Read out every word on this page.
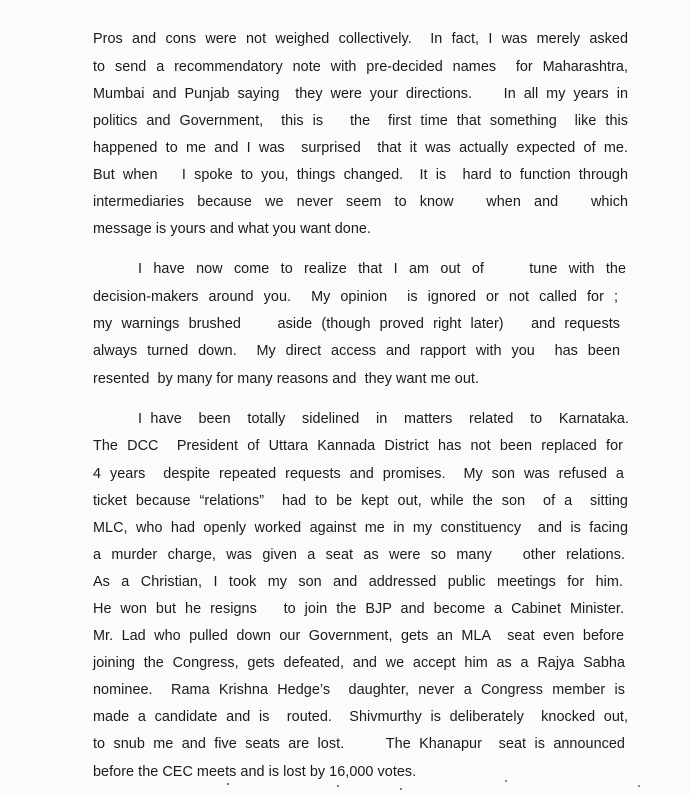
Pros and cons were not weighed collectively.  In fact, I was merely asked
to send a recommendatory note with pre-decided names  for Maharashtra,
Mumbai and Punjab saying  they were your directions.    In all my years in
politics and Government,  this is   the  first time that something  like this
happened to me and I was  surprised  that it was actually expected of me.
But when   I spoke to you, things changed.  It is  hard to function through
intermediaries  because  we  never  seem  to  know     when  and     which
message is yours and what you want done.
I have now come to realize that I am out of    tune with the
decision-makers around you.  My opinion  is ignored or not called for ;
my warnings brushed    aside (though proved right later)   and requests
always turned down.  My direct access and rapport with you  has been
resented  by many for many reasons and  they want me out.
I have  been  totally  sidelined  in  matters  related  to  Karnataka.
The DCC  President of Uttara Kannada District has not been replaced for
4 years  despite repeated requests and promises.  My son was refused a
ticket because “relations”  had to be kept out, while the son  of a  sitting
MLC, who had openly worked against me in my constituency  and is facing
a murder charge, was given a seat as were so many   other relations.
As a Christian, I took my son and addressed public meetings for him.
He won but he resigns   to join the BJP and become a Cabinet Minister.
Mr. Lad who pulled down our Government, gets an MLA  seat even before
joining the Congress, gets defeated, and we accept him as a Rajya Sabha
nominee.  Rama Krishna Hedge’s  daughter, never a Congress member is
made a candidate and is  routed.  Shivmurthy is deliberately  knocked out,
to snub me and five seats are lost.     The Khanapur  seat is announced
before the CEC meets and is lost by 16,000 votes.
